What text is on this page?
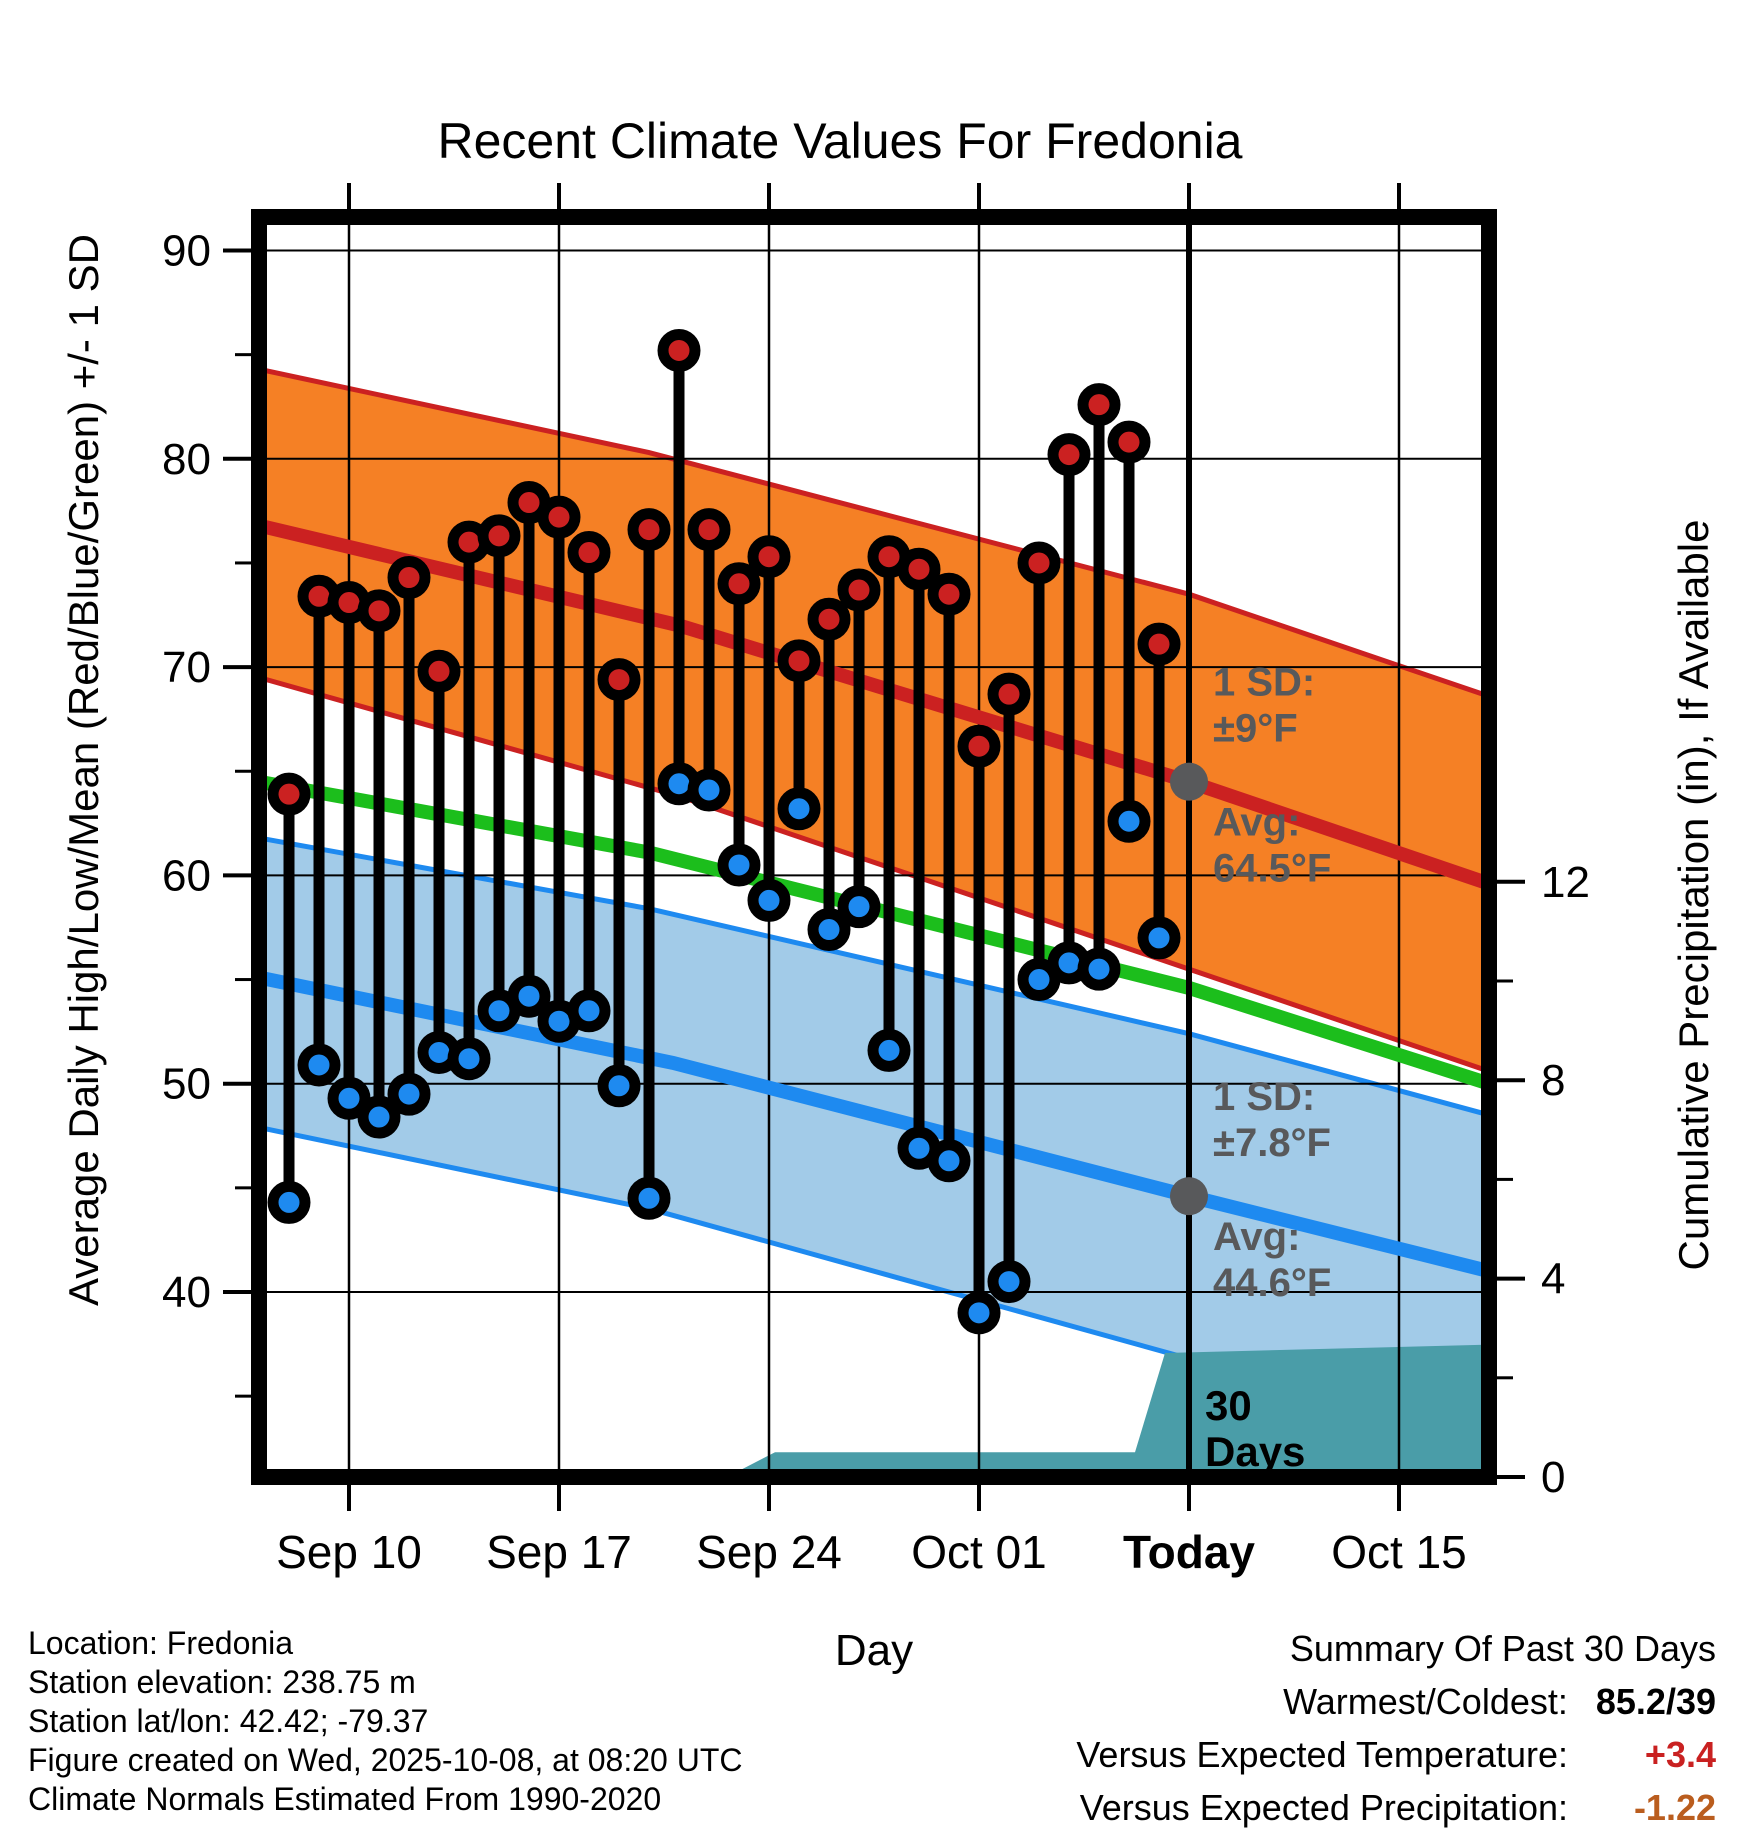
1 SD:
±9°F
Avg:
64.5°F
1 SD:
±7.8°F
Avg:
44.6°F
30
Days
40
50
60
70
80
90
0
4
8
12
Sep 10 Sep 17 Sep 24 Oct 01 Today Oct 15
Recent Climate Values For Fredonia
Average Daily High/Low/Mean (Red/Blue/Green) +/- 1 SD	Cumulative Precipitation (in), If Available
Day
Location: Fredonia
Station elevation: 238.75 m
Station lat/lon: 42.42; -79.37
Figure created on Wed, 2025-10-08, at 08:20 UTC
Climate Normals Estimated From 1990-2020
Summary Of Past 30 Days
Warmest/Coldest: 85.2/39
Versus Expected Temperature:	+3.4
Versus Expected Precipitation:	-1.22
